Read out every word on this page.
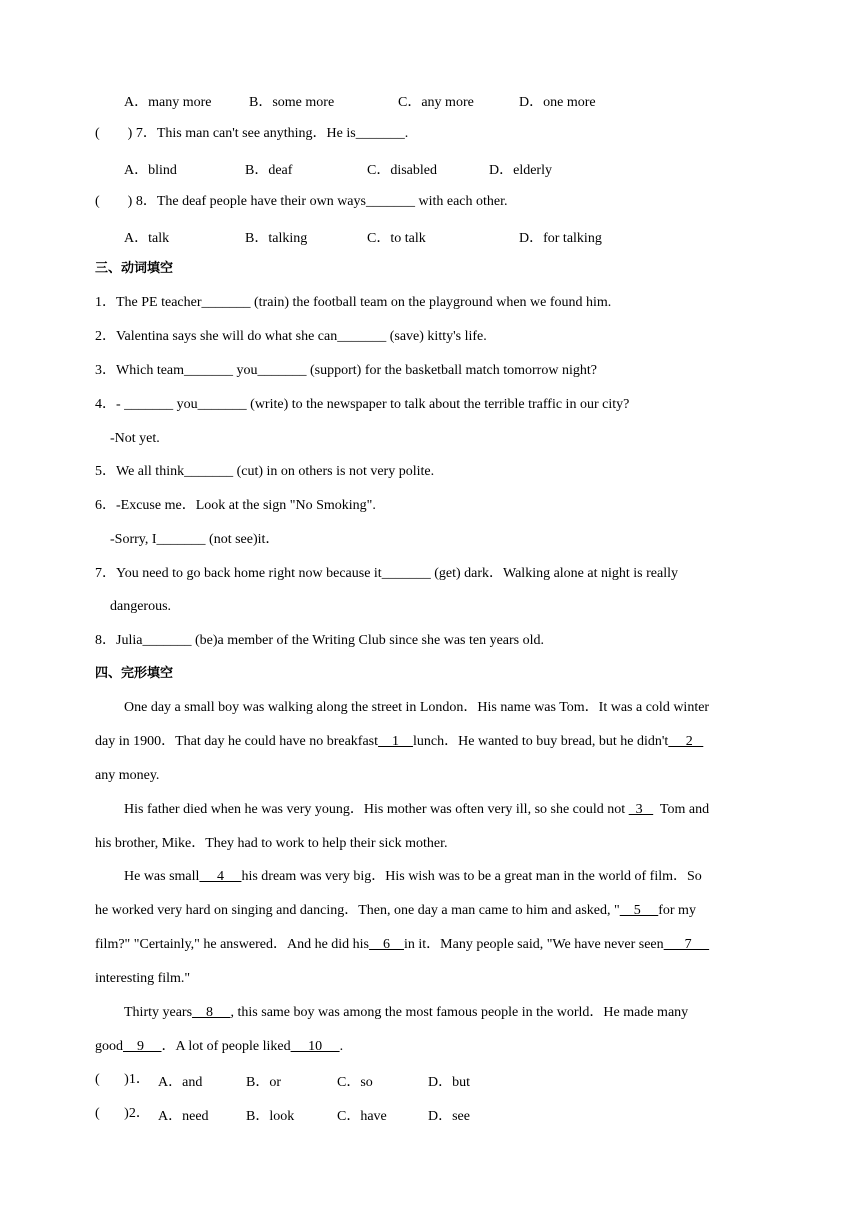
A．many more	B．some more	C．any more	D．one more
(        ) 7．This man can't see anything．He is_______.
A．blind	B．deaf	C．disabled	D．elderly
(        ) 8．The deaf people have their own ways_______ with each other.
A．talk	B．talking	C．to talk	D．for talking
三、动词填空
1．The PE teacher_______ (train) the football team on the playground when we found him.
2．Valentina says she will do what she can_______ (save) kitty's life.
3．Which team_______ you_______ (support) for the basketball match tomorrow night?
4．- _______ you_______ (write) to the newspaper to talk about the terrible traffic in our city?
-Not yet.
5．We all think_______ (cut) in on others is not very polite.
6．-Excuse me．Look at the sign "No Smoking".
-Sorry, I_______ (not see)it．
7．You need to go back home right now because it_______ (get) dark．Walking alone at night is really
dangerous.
8．Julia_______ (be)a member of the Writing Club since she was ten years old.
四、完形填空
One day a small boy was walking along the street in London．His name was Tom．It was a cold winter
day in 1900．That day he could have no breakfast    1    lunch．He wanted to buy bread, but he didn't     2
any money.
His father died when he was very young．His mother was often very ill, so she could not   3     Tom and
his brother, Mike．They had to work to help their sick mother.
He was small     4     his dream was very big．His wish was to be a great man in the world of film．So
he worked very hard on singing and dancing．Then, one day a man came to him and asked, "    5     for my
film?" "Certainly," he answered．And he did his    6    in it．Many people said, "We have never seen      7
interesting film."
Thirty years    8     , this same boy was among the most famous people in the world．He made many
good    9     ．A lot of people liked     10     .
(       )1． A．and	B．or	C．so	D．but
(       )2． A．need	B．look	C．have	D．see
